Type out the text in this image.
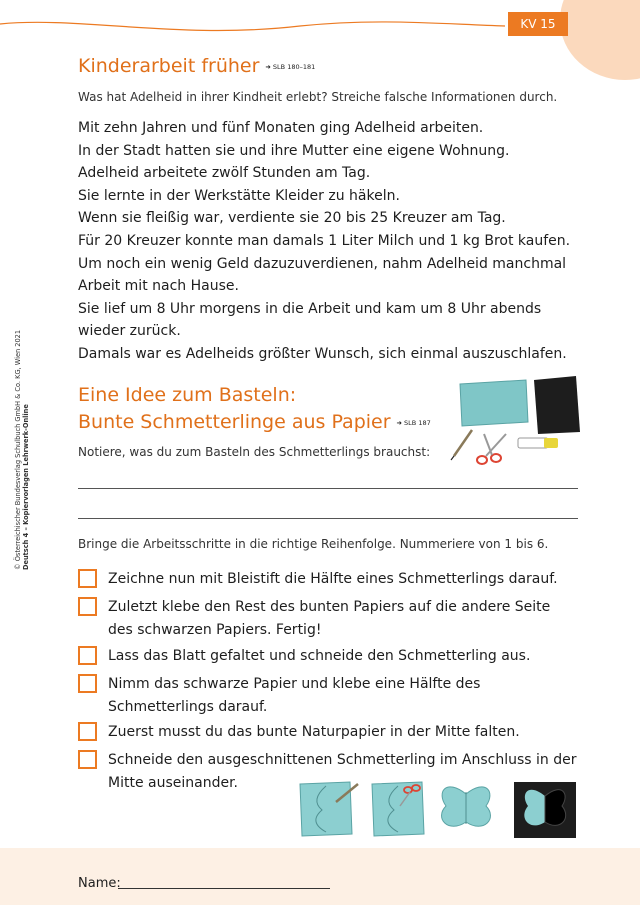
KV 15
© Österreichischer Bundesverlag Schulbuch GmbH & Co. KG, Wien 2021 Deutsch 4 – Kopiervorlagen Lehrwerk-Online
Kinderarbeit früher ➜ SLB 180–181
Was hat Adelheid in ihrer Kindheit erlebt? Streiche falsche Informationen durch.

Mit zehn Jahren und fünf Monaten ging Adelheid arbeiten.

In der Stadt hatten sie und ihre Mutter eine eigene Wohnung.

Adelheid arbeitete zwölf Stunden am Tag.

Sie lernte in der Werkstätte Kleider zu häkeln.

Wenn sie fleißig war, verdiente sie 20 bis 25 Kreuzer am Tag.

Für 20 Kreuzer konnte man damals 1 Liter Milch und 1 kg Brot kaufen.

Um noch ein wenig Geld dazuzuverdienen, nahm Adelheid manchmal

Arbeit mit nach Hause.

Sie lief um 8 Uhr morgens in die Arbeit und kam um 8 Uhr abends

wieder zurück.

Damals war es Adelheids größter Wunsch, sich einmal auszuschlafen.

Eine Idee zum Basteln:
Bunte Schmetterlinge aus Papier ➜ SLB 187
Notiere, was du zum Basteln des Schmetterlings brauchst:
Bringe die Arbeitsschritte in die richtige Reihenfolge. Nummeriere von 1 bis 6.
Zeichne nun mit Bleistift die Hälfte eines Schmetterlings darauf.
Zuletzt klebe den Rest des bunten Papiers auf die andere Seite des schwarzen Papiers. Fertig!
Lass das Blatt gefaltet und schneide den Schmetterling aus.
Nimm das schwarze Papier und klebe eine Hälfte des Schmetterlings darauf.
Zuerst musst du das bunte Naturpapier in der Mitte falten.
Schneide den ausgeschnittenen Schmetterling im Anschluss in der Mitte auseinander.
Name:
